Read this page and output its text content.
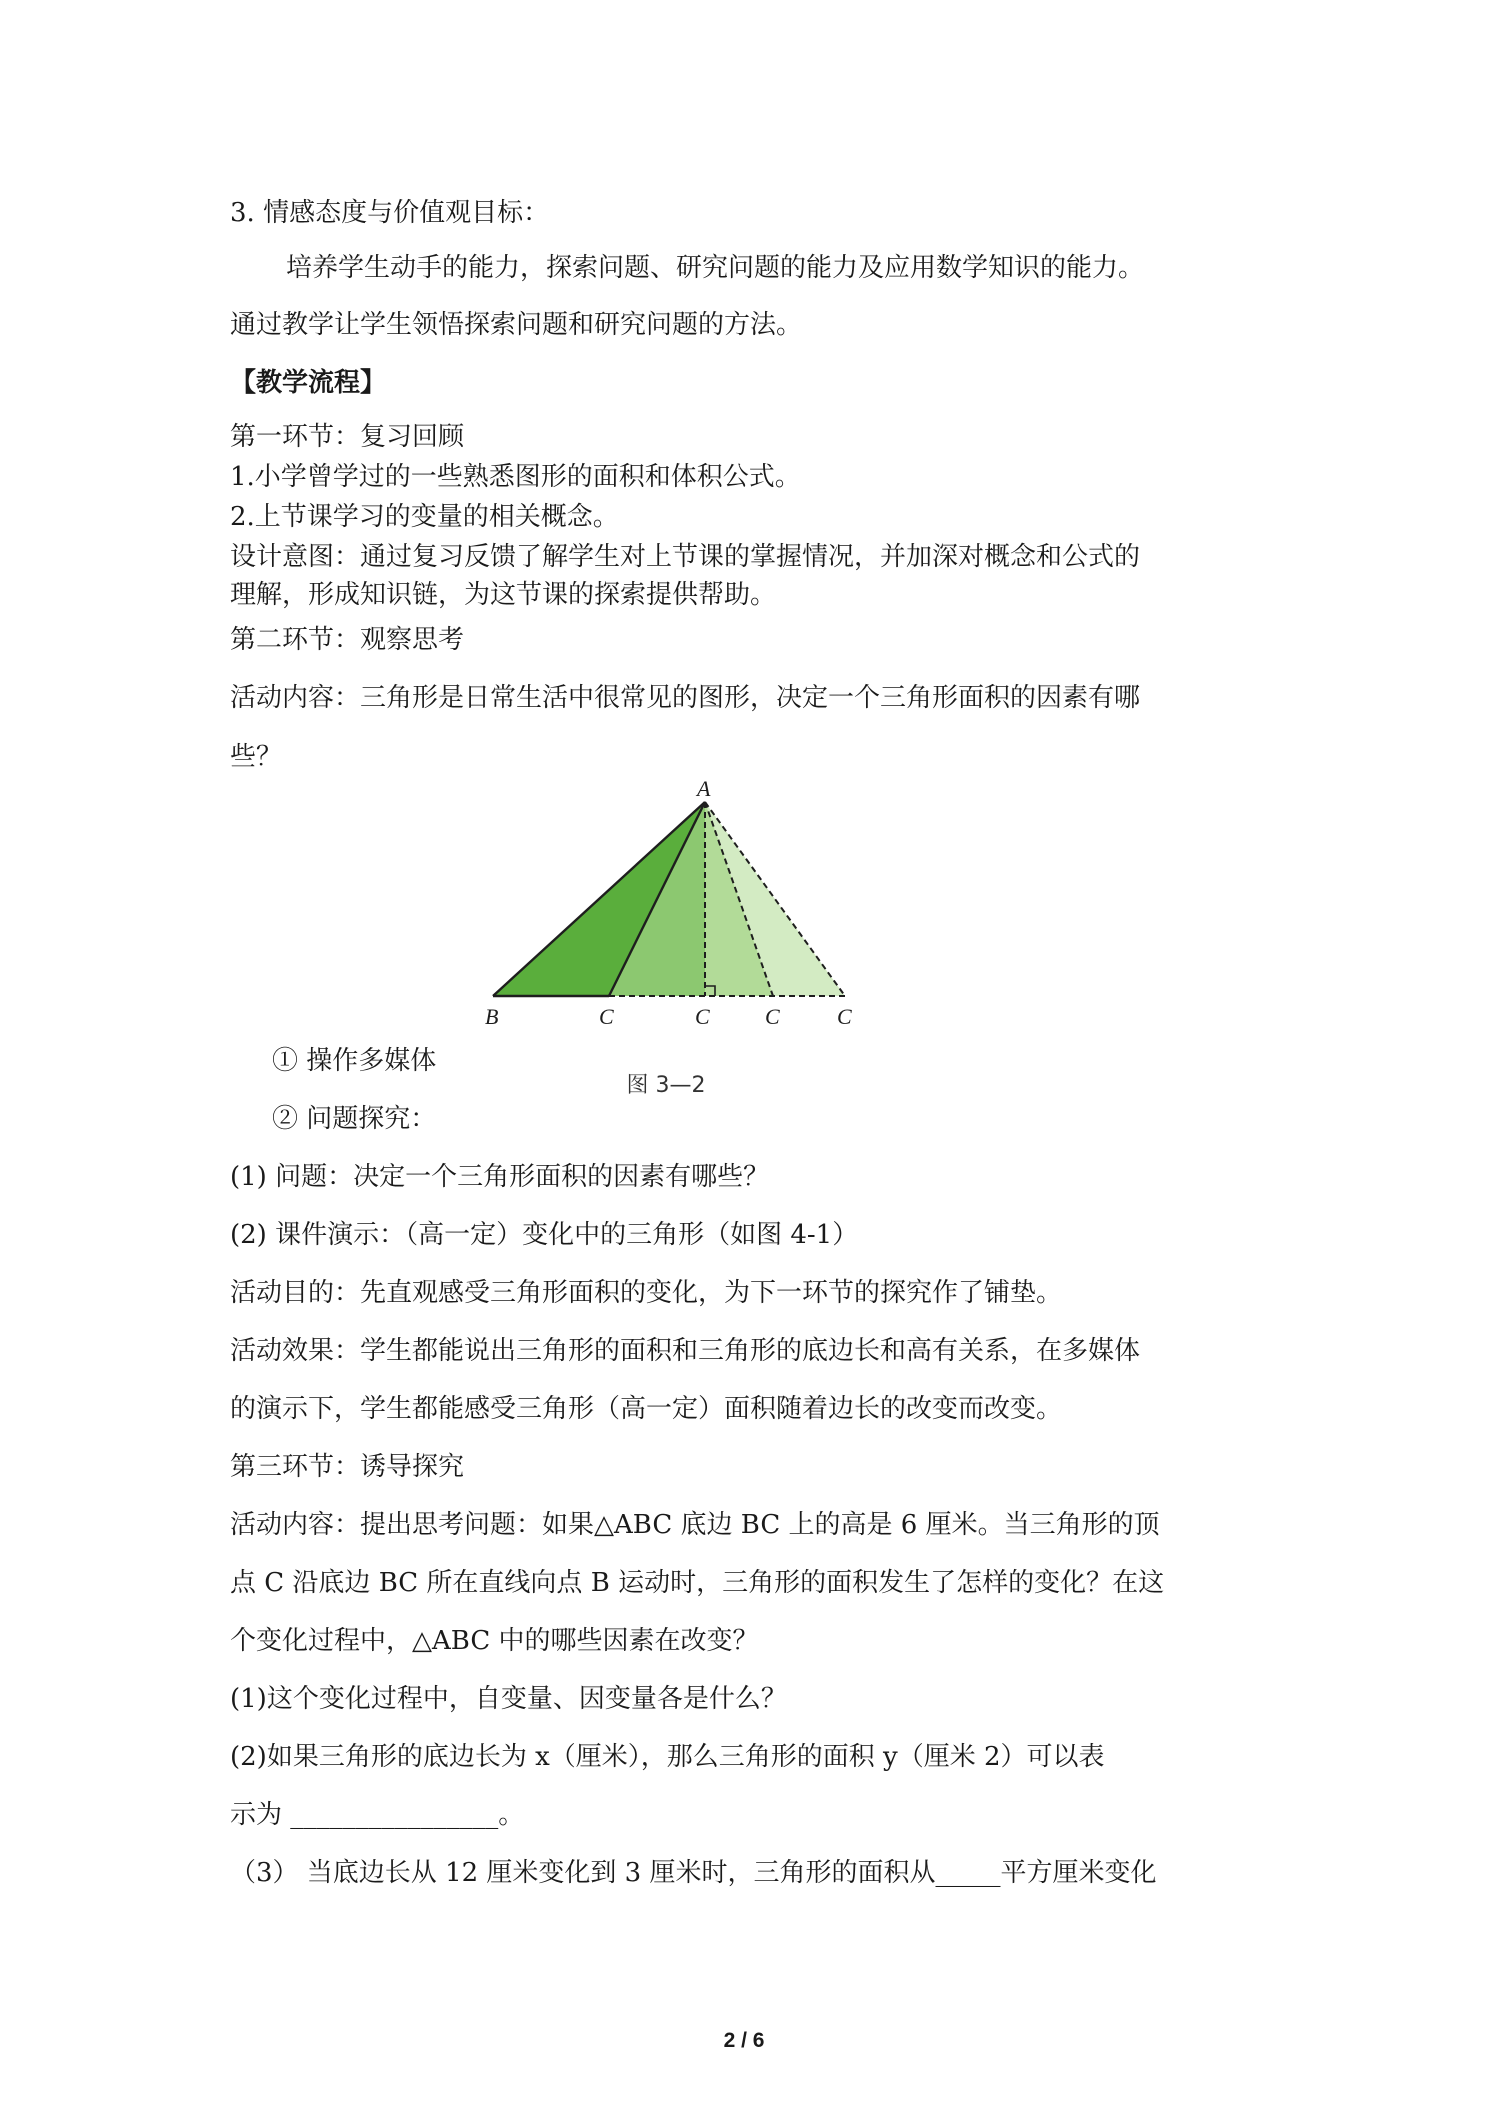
3. 情感态度与价值观目标：
培养学生动手的能力，探索问题、研究问题的能力及应用数学知识的能力。
通过教学让学生领悟探索问题和研究问题的方法。
【教学流程】
第一环节：复习回顾
1.小学曾学过的一些熟悉图形的面积和体积公式。
2.上节课学习的变量的相关概念。
设计意图：通过复习反馈了解学生对上节课的掌握情况，并加深对概念和公式的
理解，形成知识链，为这节课的探索提供帮助。
第二环节：观察思考
活动内容：三角形是日常生活中很常见的图形，决定一个三角形面积的因素有哪
些？
A
B	C	C	C	C
图 3—2
① 操作多媒体
② 问题探究：
(1) 问题：决定一个三角形面积的因素有哪些？
(2) 课件演示：（高一定）变化中的三角形（如图 4-1）
活动目的：先直观感受三角形面积的变化，为下一环节的探究作了铺垫。
活动效果：学生都能说出三角形的面积和三角形的底边长和高有关系，在多媒体
的演示下，学生都能感受三角形（高一定）面积随着边长的改变而改变。
第三环节：诱导探究
活动内容：提出思考问题：如果△ABC 底边 BC 上的高是 6 厘米。当三角形的顶
点 C 沿底边 BC 所在直线向点 B 运动时，三角形的面积发生了怎样的变化？在这
个变化过程中，△ABC 中的哪些因素在改变？
(1)这个变化过程中，自变量、因变量各是什么？
(2)如果三角形的底边长为 x（厘米），那么三角形的面积 y（厘米 2）可以表
示为 ________________。
（3） 当底边长从 12 厘米变化到 3 厘米时，三角形的面积从_____平方厘米变化
2 / 6
